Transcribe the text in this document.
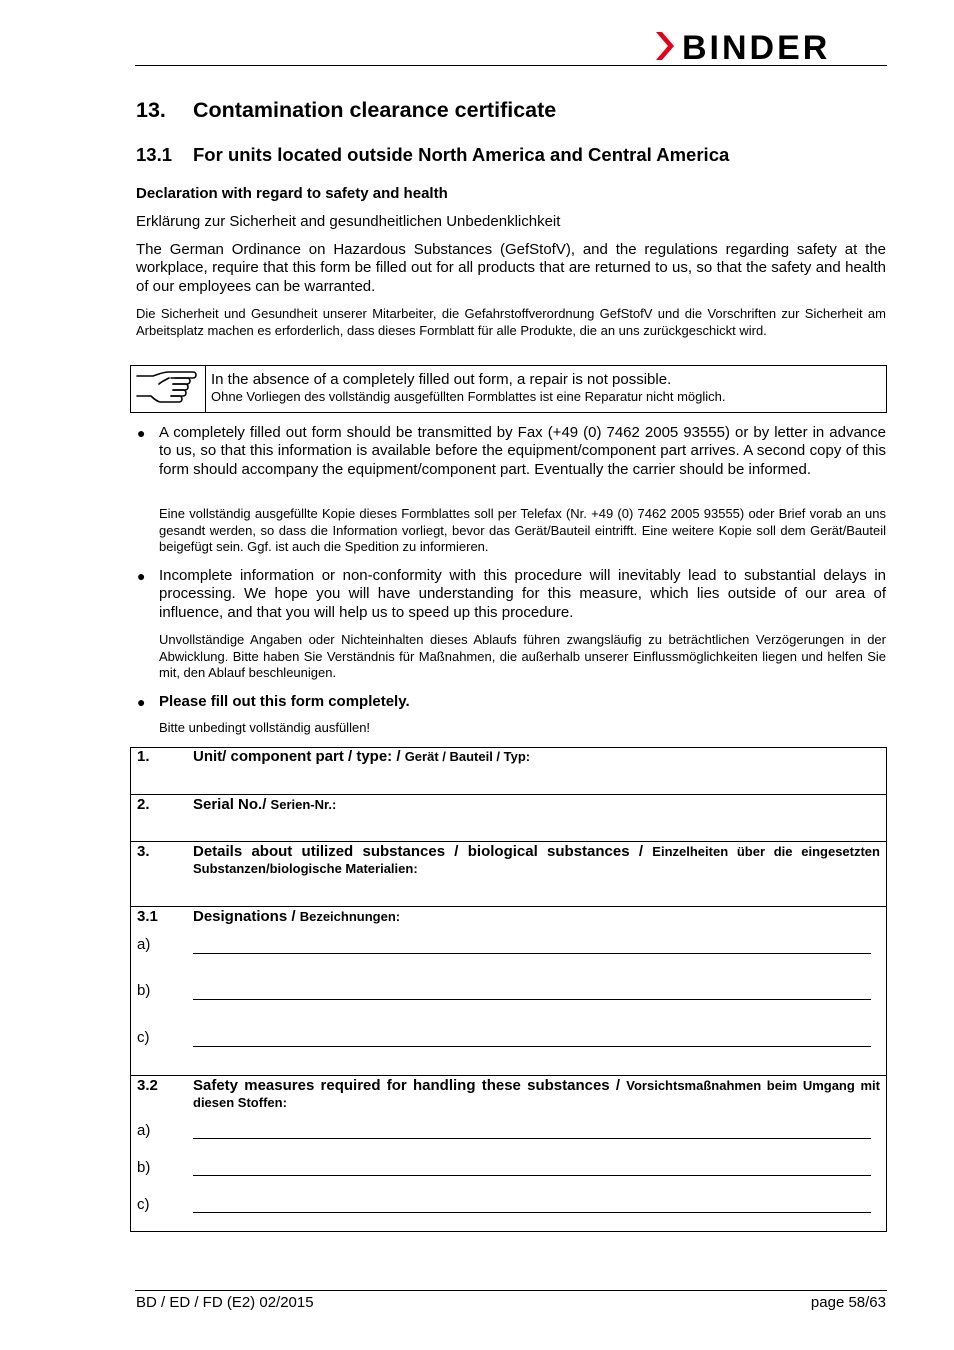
BINDER
13. Contamination clearance certificate
13.1 For units located outside North America and Central America
Declaration with regard to safety and health
Erklärung zur Sicherheit and gesundheitlichen Unbedenklichkeit
The German Ordinance on Hazardous Substances (GefStofV), and the regulations regarding safety at the workplace, require that this form be filled out for all products that are returned to us, so that the safety and health of our employees can be warranted.
Die Sicherheit und Gesundheit unserer Mitarbeiter, die Gefahrstoffverordnung GefStofV und die Vorschriften zur Sicherheit am Arbeitsplatz machen es erforderlich, dass dieses Formblatt für alle Produkte, die an uns zurückgeschickt wird.
In the absence of a completely filled out form, a repair is not possible.
Ohne Vorliegen des vollständig ausgefüllten Formblattes ist eine Reparatur nicht möglich.
● A completely filled out form should be transmitted by Fax (+49 (0) 7462 2005 93555) or by letter in advance to us, so that this information is available before the equipment/component part arrives. A second copy of this form should accompany the equipment/component part. Eventually the carrier should be informed.
Eine vollständig ausgefüllte Kopie dieses Formblattes soll per Telefax (Nr. +49 (0) 7462 2005 93555) oder Brief vorab an uns gesandt werden, so dass die Information vorliegt, bevor das Gerät/Bauteil eintrifft. Eine weitere Kopie soll dem Gerät/Bauteil beigefügt sein. Ggf. ist auch die Spedition zu informieren.
● Incomplete information or non-conformity with this procedure will inevitably lead to substantial delays in processing. We hope you will have understanding for this measure, which lies outside of our area of influence, and that you will help us to speed up this procedure.
Unvollständige Angaben oder Nichteinhalten dieses Ablaufs führen zwangsläufig zu beträchtlichen Verzögerungen in der Abwicklung. Bitte haben Sie Verständnis für Maßnahmen, die außerhalb unserer Einflussmöglichkeiten liegen und helfen Sie mit, den Ablauf beschleunigen.
● Please fill out this form completely.
Bitte unbedingt vollständig ausfüllen!
1.	Unit/ component part / type: / Gerät / Bauteil / Typ:
2.	Serial No./ Serien-Nr.:
3.	Details about utilized substances / biological substances / Einzelheiten über die eingesetzten Substanzen/biologische Materialien:
3.1 Designations / Bezeichnungen:
a)
b)
c)
3.2 Safety measures required for handling these substances / Vorsichtsmaßnahmen beim Umgang mit diesen Stoffen:
a)
b)
c)
BD / ED / FD (E2) 02/2015	page 58/63
